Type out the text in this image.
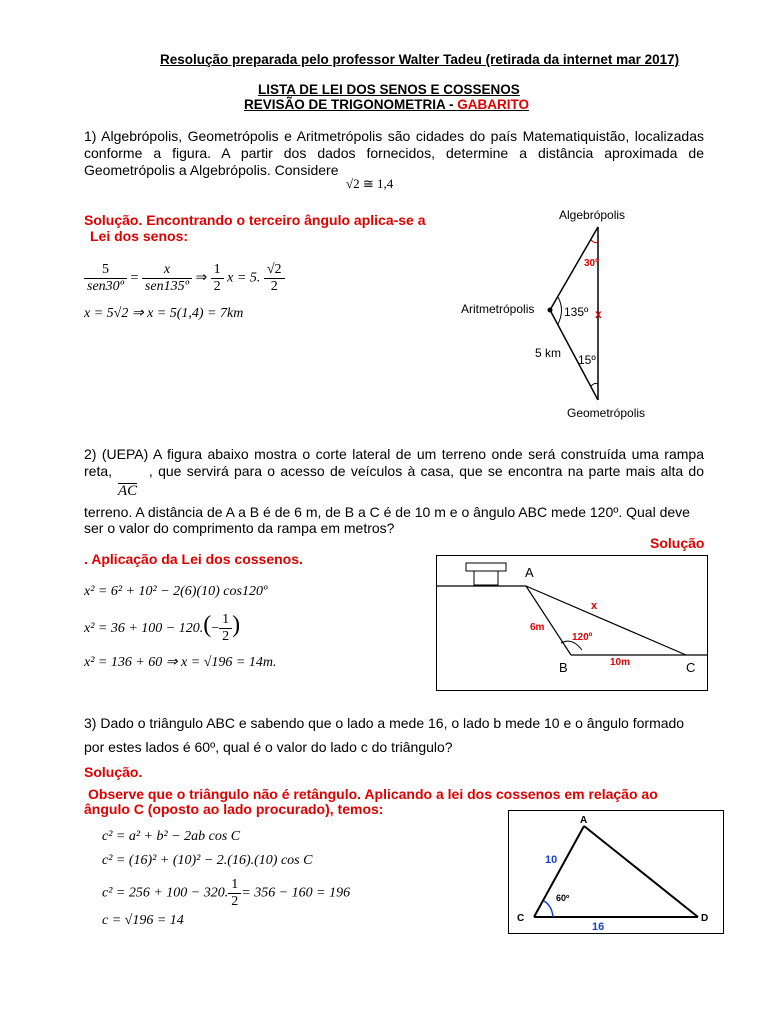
Resolução preparada pelo professor Walter Tadeu (retirada da internet mar 2017)
LISTA DE LEI DOS SENOS E COSSENOS
REVISÃO DE TRIGONOMETRIA - GABARITO
1) Algebrópolis, Geometrópolis e Aritmetrópolis são cidades do país Matematiquistão, localizadas
conforme a figura. A partir dos dados fornecidos, determine a distância aproximada de
Geometrópolis a Algebrópolis. Considere
√2 ≅ 1,4
Solução. Encontrando o terceiro ângulo aplica-se a
Lei dos senos:
$\frac{5}{\text{sen30º}} = \frac{x}{\text{sen135º}}$ ⇒ $\frac{1}{2}$ x = 5. $\frac{√2}{2}$
x = 5√2 ⇒ x = 5(1,4) = 7km
Algebrópolis
Aritmetrópolis
Geometrópolis
30º
135º
15º
5 km
x
2) (UEPA) A figura abaixo mostra o corte lateral de um terreno onde será construída uma rampa
reta,       , que servirá para o acesso de veículos à casa, que se encontra na parte mais alta do
AC
terreno. A distância de A a B é de 6 m, de B a C é de 10 m e o ângulo ABC mede 120º. Qual deve
ser o valor do comprimento da rampa em metros?
Solução
. Aplicação da Lei dos cossenos.
x² = 6² + 10² − 2(6)(10) cos120º
$x^2 = 36 + 100 - 120.(- \frac{1}{2}$ )
x² = 136 + 60 ⇒ x = √196 = 14m.
A
B	C
6m
10m
120º
x
3) Dado o triângulo ABC e sabendo que o lado a mede 16, o lado b mede 10 e o ângulo formado
por estes lados é 60º, qual é o valor do lado c do triângulo?
Solução.
Observe que o triângulo não é retângulo. Aplicando a lei dos cossenos em relação ao
ângulo C (oposto ao lado procurado), temos:
c² = a² + b² − 2ab cos C
c² = (16)² + (10)² − 2.(16).(10) cos C
c² = 256 + 100 − 320. $\frac{1}{2} = 356 - 160 = 196$
c = √196 = 14
A
C	D
10
16
60º
